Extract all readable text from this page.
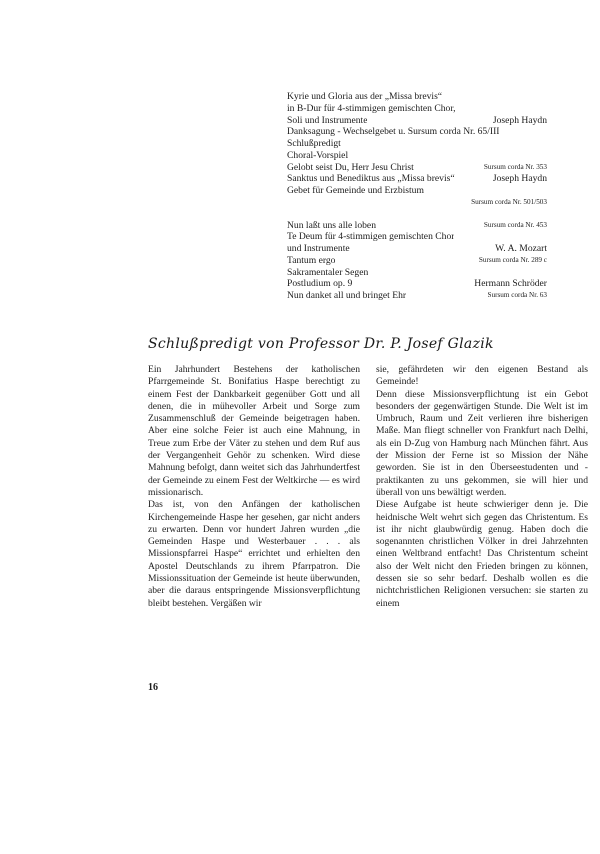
Kyrie und Gloria aus der „Missa brevis“
in B-Dur für 4-stimmigen gemischten Chor,
Soli und Instrumente	Joseph Haydn
Danksagung - Wechselgebet u. Sursum corda Nr. 65/III
Schlußpredigt
Choral-Vorspiel
Gelobt seist Du, Herr Jesu Christ	Sursum corda Nr. 353
Sanktus und Benediktus aus „Missa brevis“	Joseph Haydn
Gebet für Gemeinde und Erzbistum
Sursum corda Nr. 501/503
Nun laßt uns alle loben	Sursum corda Nr. 453
Te Deum für 4-stimmigen gemischten Chor
und Instrumente	W. A. Mozart
Tantum ergo	Sursum corda Nr. 289 c
Sakramentaler Segen
Postludium op. 9	Hermann Schröder
Nun danket all und bringet Ehr	Sursum corda Nr. 63
Schlußpredigt von Professor Dr. P. Josef Glazik

Ein Jahrhundert Bestehens der katholischen Pfarrgemeinde St. Bonifatius Haspe berechtigt zu einem Fest der Dankbarkeit gegenüber Gott und all denen, die in mühevoller Arbeit und Sorge zum Zusammenschluß der Gemeinde beigetragen haben. Aber eine solche Feier ist auch eine Mahnung, in Treue zum Erbe der Väter zu stehen und dem Ruf aus der Vergangenheit Gehör zu schenken. Wird diese Mahnung befolgt, dann weitet sich das Jahrhundertfest der Gemeinde zu einem Fest der Weltkirche — es wird missionarisch.

Das ist, von den Anfängen der katholischen Kirchengemeinde Haspe her gesehen, gar nicht anders zu erwarten. Denn vor hundert Jahren wurden „die Gemeinden Haspe und Westerbauer . . . als Missionspfarrei Haspe“ errichtet und erhielten den Apostel Deutschlands zu ihrem Pfarrpatron. Die Missionssituation der Gemeinde ist heute überwunden, aber die daraus entspringende Missionsverpflichtung bleibt bestehen. Vergäßen wir

sie, gefährdeten wir den eigenen Bestand als Gemeinde!

Denn diese Missionsverpflichtung ist ein Gebot besonders der gegenwärtigen Stunde. Die Welt ist im Umbruch, Raum und Zeit verlieren ihre bisherigen Maße. Man fliegt schneller von Frankfurt nach Delhi, als ein D-Zug von Hamburg nach München fährt. Aus der Mission der Ferne ist so Mission der Nähe geworden. Sie ist in den Überseestudenten und -praktikanten zu uns gekommen, sie will hier und überall von uns bewältigt werden.

Diese Aufgabe ist heute schwieriger denn je. Die heidnische Welt wehrt sich gegen das Christentum. Es ist ihr nicht glaubwürdig genug. Haben doch die sogenannten christlichen Völker in drei Jahrzehnten einen Weltbrand entfacht! Das Christentum scheint also der Welt nicht den Frieden bringen zu können, dessen sie so sehr bedarf. Deshalb wollen es die nichtchristlichen Religionen versuchen: sie starten zu einem

16
